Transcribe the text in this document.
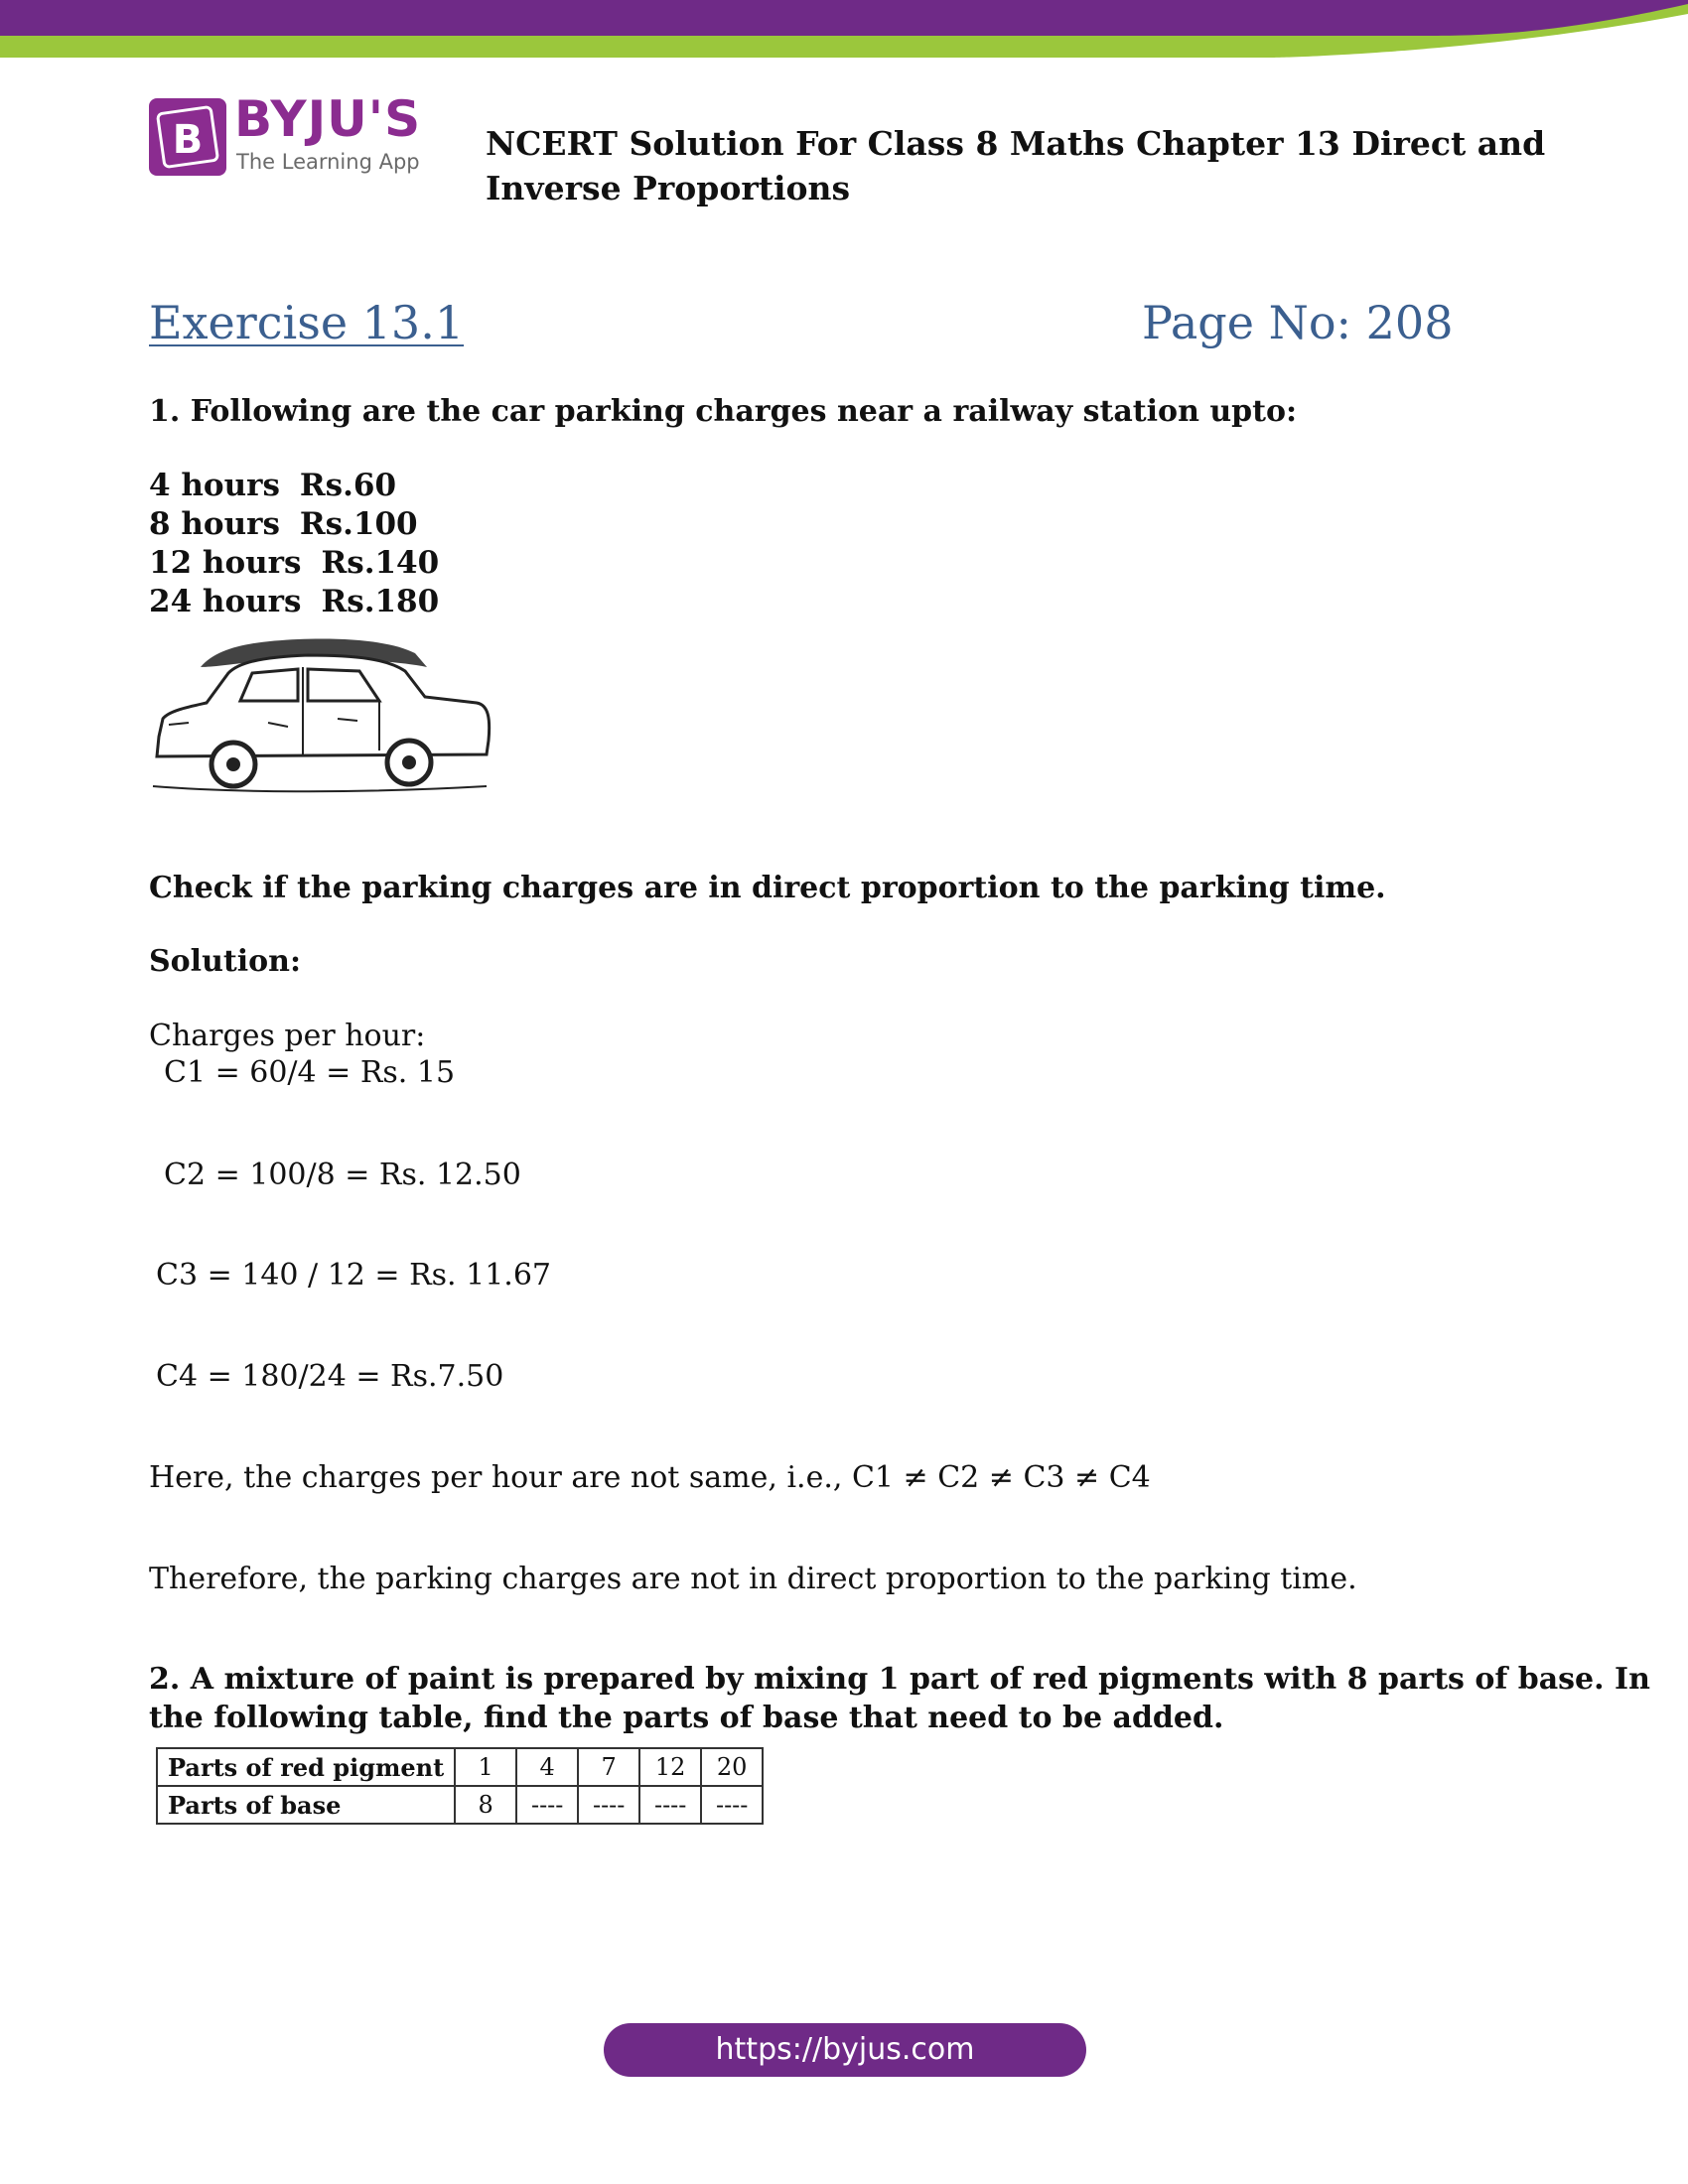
B BYJU'S
The Learning App NCERT Solution For Class 8 Maths Chapter 13 Direct and Inverse Proportions
Exercise 13.1	Page No: 208
1. Following are the car parking charges near a railway station upto:
4 hours Rs.60
8 hours Rs.100
12 hours Rs.140
24 hours Rs.180
Check if the parking charges are in direct proportion to the parking time.
Solution:
Charges per hour:
C1 = 60/4 = Rs. 15
C2 = 100/8 = Rs. 12.50
C3 = 140 / 12 = Rs. 11.67
C4 = 180/24 = Rs.7.50
Here, the charges per hour are not same, i.e., C1 ≠ C2 ≠ C3 ≠ C4
Therefore, the parking charges are not in direct proportion to the parking time.
2. A mixture of paint is prepared by mixing 1 part of red pigments with 8 parts of base. In
the following table, find the parts of base that need to be added.
Parts of red pigment	1	4	7	12	20
Parts of base	8	----	----	----	----
https://byjus.com
